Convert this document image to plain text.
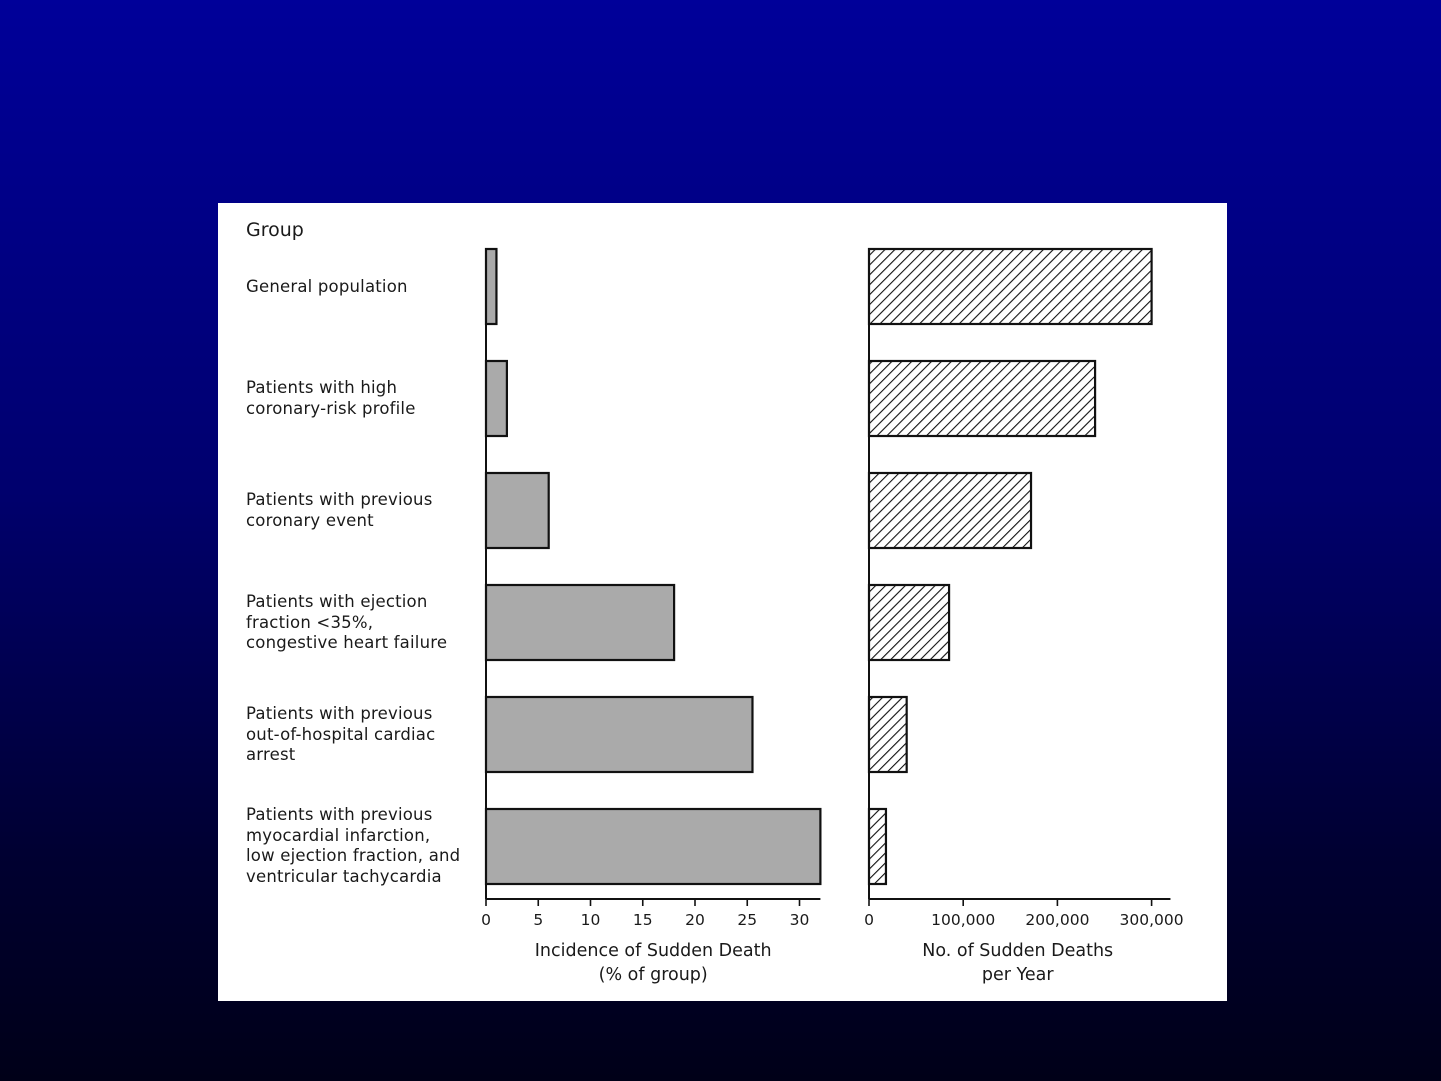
Group
0	5 10 15 20 25 30
Incidence of Sudden Death
(% of group)
0	100,000 200,000 300,000
No. of Sudden Deaths
per Year
General population
Patients with high
coronary-risk profile
Patients with previous
coronary event
Patients with ejection
fraction <35%,
congestive heart failure
Patients with previous
out-of-hospital cardiac
arrest
Patients with previous
myocardial infarction,
low ejection fraction, and
ventricular tachycardia
